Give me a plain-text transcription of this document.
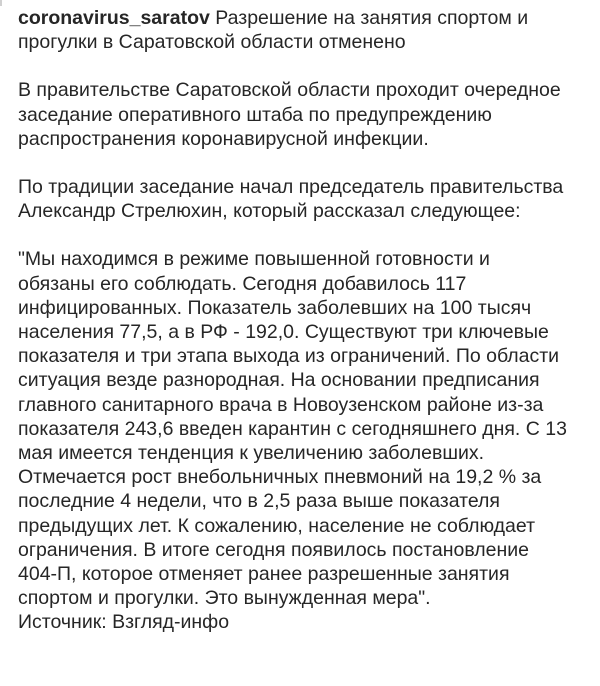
coronavirus_saratov Разрешение на занятия спортом и прогулки в Саратовской области отменено

В правительстве Саратовской области проходит очередное заседание оперативного штаба по предупреждению распространения коронавирусной инфекции.

По традиции заседание начал председатель правительства Александр Стрелюхин, который рассказал следующее:

"Мы находимся в режиме повышенной готовности и
обязаны его соблюдать. Сегодня добавилось 117
инфицированных. Показатель заболевших на 100 тысяч
населения 77,5, а в РФ - 192,0. Существуют три ключевые
показателя и три этапа выхода из ограничений. По области
ситуация везде разнородная. На основании предписания
главного санитарного врача в Новоузенском районе из-за
показателя 243,6 введен карантин с сегодняшнего дня. С 13
мая имеется тенденция к увеличению заболевших.
Отмечается рост внебольничных пневмоний на 19,2 % за
последние 4 недели, что в 2,5 раза выше показателя
предыдущих лет. К сожалению, население не соблюдает
ограничения. В итоге сегодня появилось постановление
404-П, которое отменяет ранее разрешенные занятия
спортом и прогулки. Это вынужденная мера".
Источник: Взгляд-инфо
